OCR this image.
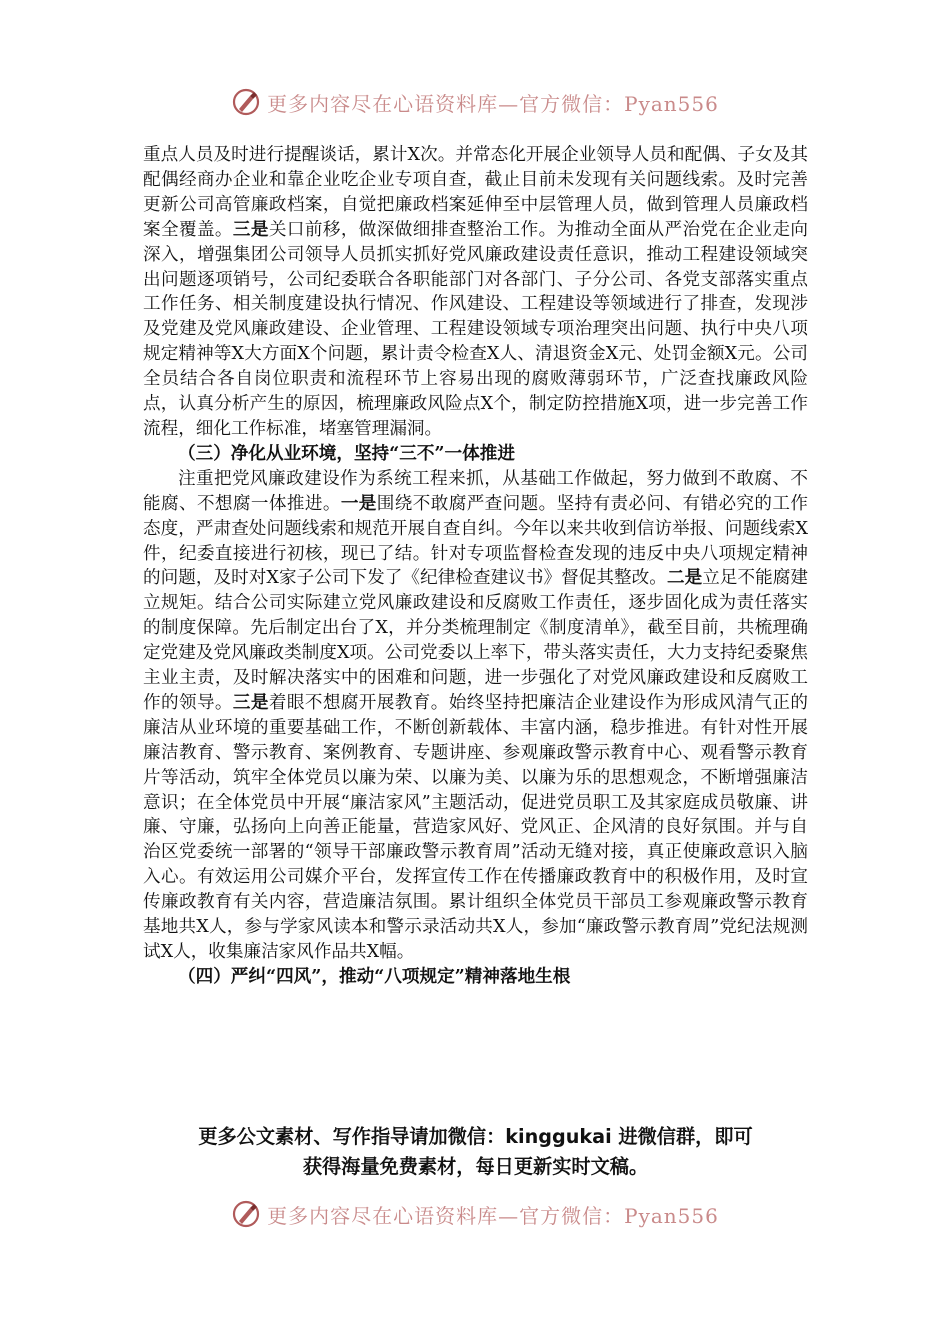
更多内容尽在心语资料库—官方微信：Pyan556

重点人员及时进行提醒谈话，累计X次。并常态化开展企业领导人员和配偶、子女及其配偶经商办企业和靠企业吃企业专项自查，截止目前未发现有关问题线索。及时完善更新公司高管廉政档案，自觉把廉政档案延伸至中层管理人员，做到管理人员廉政档案全覆盖。三是关口前移，做深做细排查整治工作。为推动全面从严治党在企业走向深入，增强集团公司领导人员抓实抓好党风廉政建设责任意识，推动工程建设领域突出问题逐项销号，公司纪委联合各职能部门对各部门、子分公司、各党支部落实重点工作任务、相关制度建设执行情况、作风建设、工程建设等领域进行了排查，发现涉及党建及党风廉政建设、企业管理、工程建设领域专项治理突出问题、执行中央八项规定精神等X大方面X个问题，累计责令检查X人、清退资金X元、处罚金额X元。公司全员结合各自岗位职责和流程环节上容易出现的腐败薄弱环节，广泛查找廉政风险点，认真分析产生的原因，梳理廉政风险点X个，制定防控措施X项，进一步完善工作流程，细化工作标准，堵塞管理漏洞。

（三）净化从业环境，坚持“三不”一体推进

注重把党风廉政建设作为系统工程来抓，从基础工作做起，努力做到不敢腐、不能腐、不想腐一体推进。一是围绕不敢腐严查问题。坚持有责必问、有错必究的工作态度，严肃查处问题线索和规范开展自查自纠。今年以来共收到信访举报、问题线索X件，纪委直接进行初核，现已了结。针对专项监督检查发现的违反中央八项规定精神的问题，及时对X家子公司下发了《纪律检查建议书》督促其整改。二是立足不能腐建立规矩。结合公司实际建立党风廉政建设和反腐败工作责任，逐步固化成为责任落实的制度保障。先后制定出台了X，并分类梳理制定《制度清单》，截至目前，共梳理确定党建及党风廉政类制度X项。公司党委以上率下，带头落实责任，大力支持纪委聚焦主业主责，及时解决落实中的困难和问题，进一步强化了对党风廉政建设和反腐败工作的领导。三是着眼不想腐开展教育。始终坚持把廉洁企业建设作为形成风清气正的廉洁从业环境的重要基础工作，不断创新载体、丰富内涵，稳步推进。有针对性开展廉洁教育、警示教育、案例教育、专题讲座、参观廉政警示教育中心、观看警示教育片等活动，筑牢全体党员以廉为荣、以廉为美、以廉为乐的思想观念，不断增强廉洁意识；在全体党员中开展“廉洁家风”主题活动，促进党员职工及其家庭成员敬廉、讲廉、守廉，弘扬向上向善正能量，营造家风好、党风正、企风清的良好氛围。并与自治区党委统一部署的“领导干部廉政警示教育周”活动无缝对接，真正使廉政意识入脑入心。有效运用公司媒介平台，发挥宣传工作在传播廉政教育中的积极作用，及时宣传廉政教育有关内容，营造廉洁氛围。累计组织全体党员干部员工参观廉政警示教育基地共X人，参与学家风读本和警示录活动共X人，参加“廉政警示教育周”党纪法规测试X人，收集廉洁家风作品共X幅。

（四）严纠“四风”，推动“八项规定”精神落地生根

更多公文素材、写作指导请加微信：kinggukai 进微信群，即可
获得海量免费素材，每日更新实时文稿。
更多内容尽在心语资料库—官方微信：Pyan556
